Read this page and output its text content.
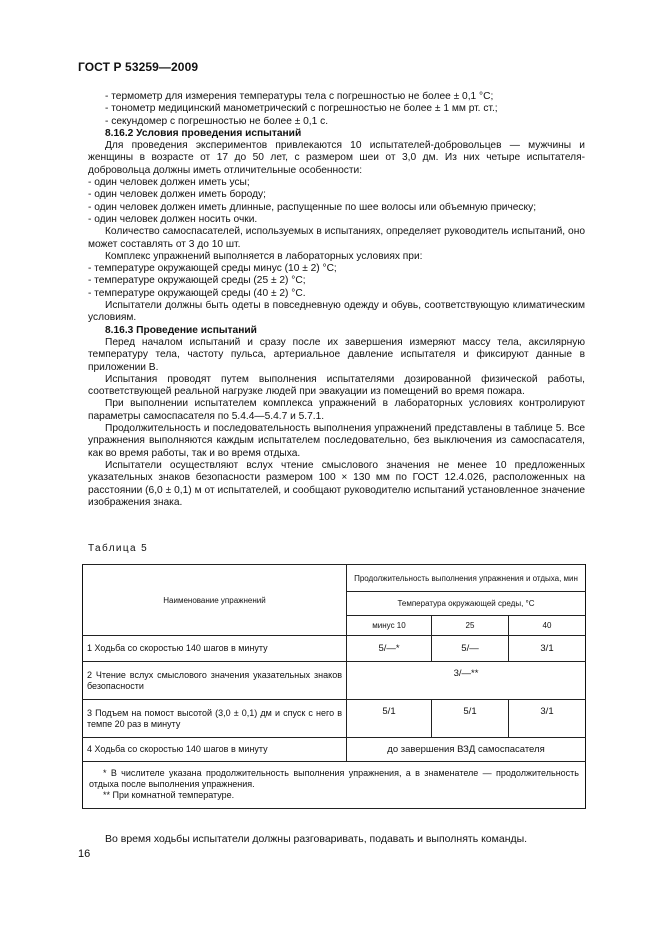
ГОСТ Р 53259—2009
- термометр для измерения температуры тела с погрешностью не более ± 0,1 °С;
- тонометр медицинский манометрический с погрешностью не более ± 1 мм рт. ст.;
- секундомер с погрешностью не более ± 0,1 с.
8.16.2 Условия проведения испытаний
Для проведения экспериментов привлекаются 10 испытателей-добровольцев — мужчины и женщины в возрасте от 17 до 50 лет, с размером шеи от 3,0 дм. Из них четыре испытателя-добровольца должны иметь отличительные особенности:
- один человек должен иметь усы;
- один человек должен иметь бороду;
- один человек должен иметь длинные, распущенные по шее волосы или объемную прическу;
- один человек должен носить очки.
Количество самоспасателей, используемых в испытаниях, определяет руководитель испытаний, оно может составлять от 3 до 10 шт.
Комплекс упражнений выполняется в лабораторных условиях при:
- температуре окружающей среды минус (10 ± 2) °С;
- температуре окружающей среды (25 ± 2) °С;
- температуре окружающей среды (40 ± 2) °С.
Испытатели должны быть одеты в повседневную одежду и обувь, соответствующую климатическим условиям.
8.16.3 Проведение испытаний
Перед началом испытаний и сразу после их завершения измеряют массу тела, аксилярную температуру тела, частоту пульса, артериальное давление испытателя и фиксируют данные в приложении В.
Испытания проводят путем выполнения испытателями дозированной физической работы, соответствующей реальной нагрузке людей при эвакуации из помещений во время пожара.
При выполнении испытателем комплекса упражнений в лабораторных условиях контролируют параметры самоспасателя по 5.4.4—5.4.7 и 5.7.1.
Продолжительность и последовательность выполнения упражнений представлены в таблице 5. Все упражнения выполняются каждым испытателем последовательно, без выключения из самоспасателя, как во время работы, так и во время отдыха.
Испытатели осуществляют вслух чтение смыслового значения не менее 10 предложенных указательных знаков безопасности размером 100 × 130 мм по ГОСТ 12.4.026, расположенных на расстоянии (6,0 ± 0,1) м от испытателей, и сообщают руководителю испытаний установленное значение изображения знака.
Таблица 5
Наименование упражнений	Продолжительность выполнения упражнения и отдыха, мин		
	Температура окружающей среды, °С		
	минус 10	25	40
1 Ходьба со скоростью 140 шагов в минуту	5/—*	5/—	3/1
2 Чтение вслух смыслового значения указательных знаков безопасности	3/—**		
3 Подъем на помост высотой (3,0 ± 0,1) дм и спуск с него в темпе 20 раз в минуту	5/1	5/1	3/1
4 Ходьба со скоростью 140 шагов в минуту	до завершения ВЗД самоспасателя		

* В числителе указана продолжительность выполнения упражнения, а в знаменателе — продолжительность отдыха после выполнения упражнения.

** При комнатной температуре.			

Во время ходьбы испытатели должны разговаривать, подавать и выполнять команды.
16
